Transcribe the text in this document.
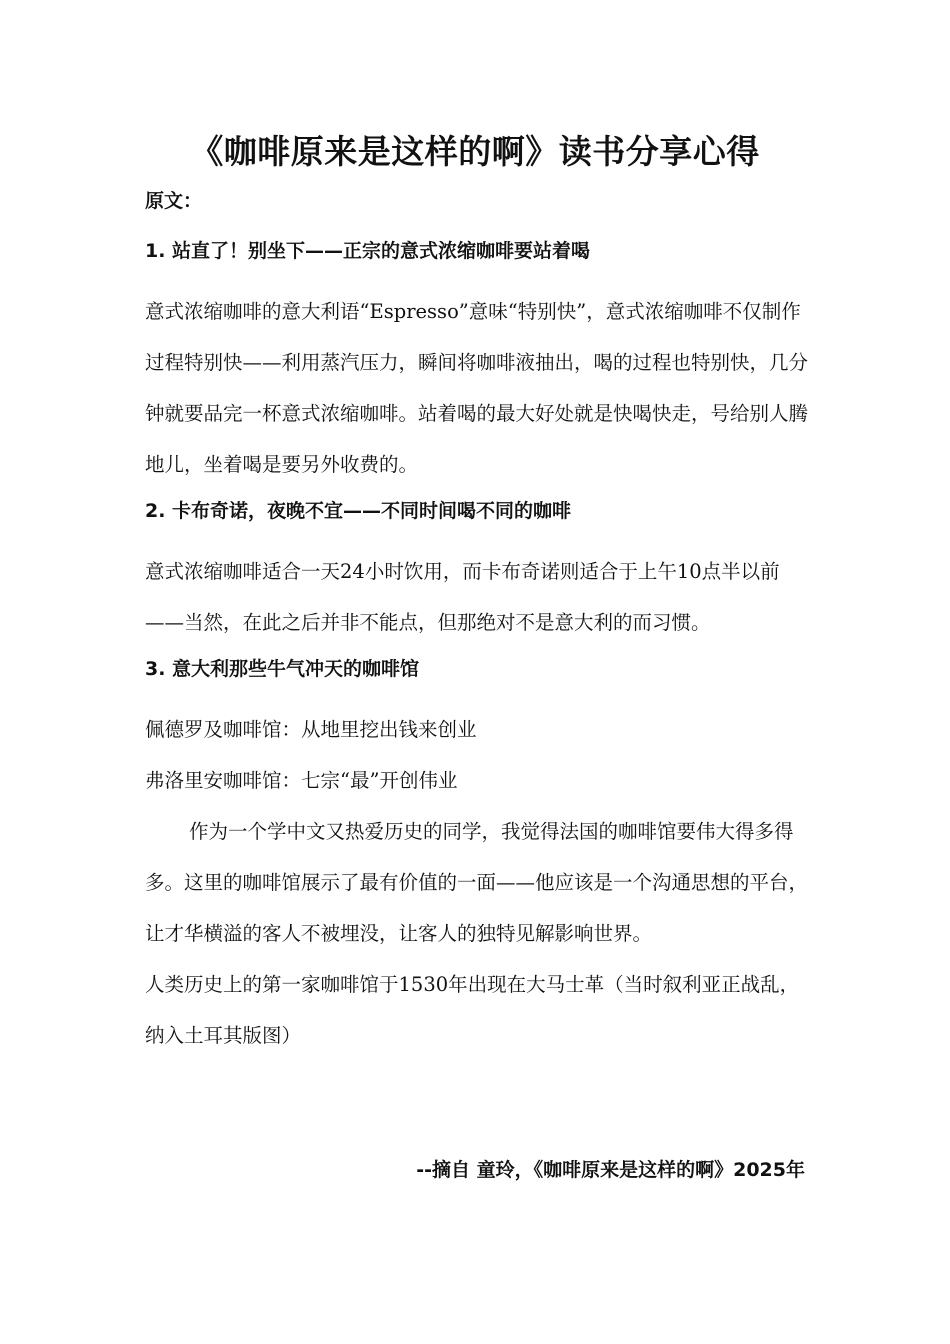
《咖啡原来是这样的啊》读书分享心得
原文：
1. 站直了！别坐下——正宗的意式浓缩咖啡要站着喝

意式浓缩咖啡的意大利语“Espresso”意味“特别快”，意式浓缩咖啡不仅制作过程特别快——利用蒸汽压力，瞬间将咖啡液抽出，喝的过程也特别快，几分钟就要品完一杯意式浓缩咖啡。站着喝的最大好处就是快喝快走，号给别人腾地儿，坐着喝是要另外收费的。

2. 卡布奇诺，夜晚不宜——不同时间喝不同的咖啡

意式浓缩咖啡适合一天24小时饮用，而卡布奇诺则适合于上午10点半以前——当然，在此之后并非不能点，但那绝对不是意大利的而习惯。

3. 意大利那些牛气冲天的咖啡馆

佩德罗及咖啡馆：从地里挖出钱来创业

弗洛里安咖啡馆：七宗“最”开创伟业

作为一个学中文又热爱历史的同学，我觉得法国的咖啡馆要伟大得多得多。这里的咖啡馆展示了最有价值的一面——他应该是一个沟通思想的平台，让才华横溢的客人不被埋没，让客人的独特见解影响世界。

人类历史上的第一家咖啡馆于1530年出现在大马士革（当时叙利亚正战乱，纳入土耳其版图）

--摘自 童玲，《咖啡原来是这样的啊》2025年
